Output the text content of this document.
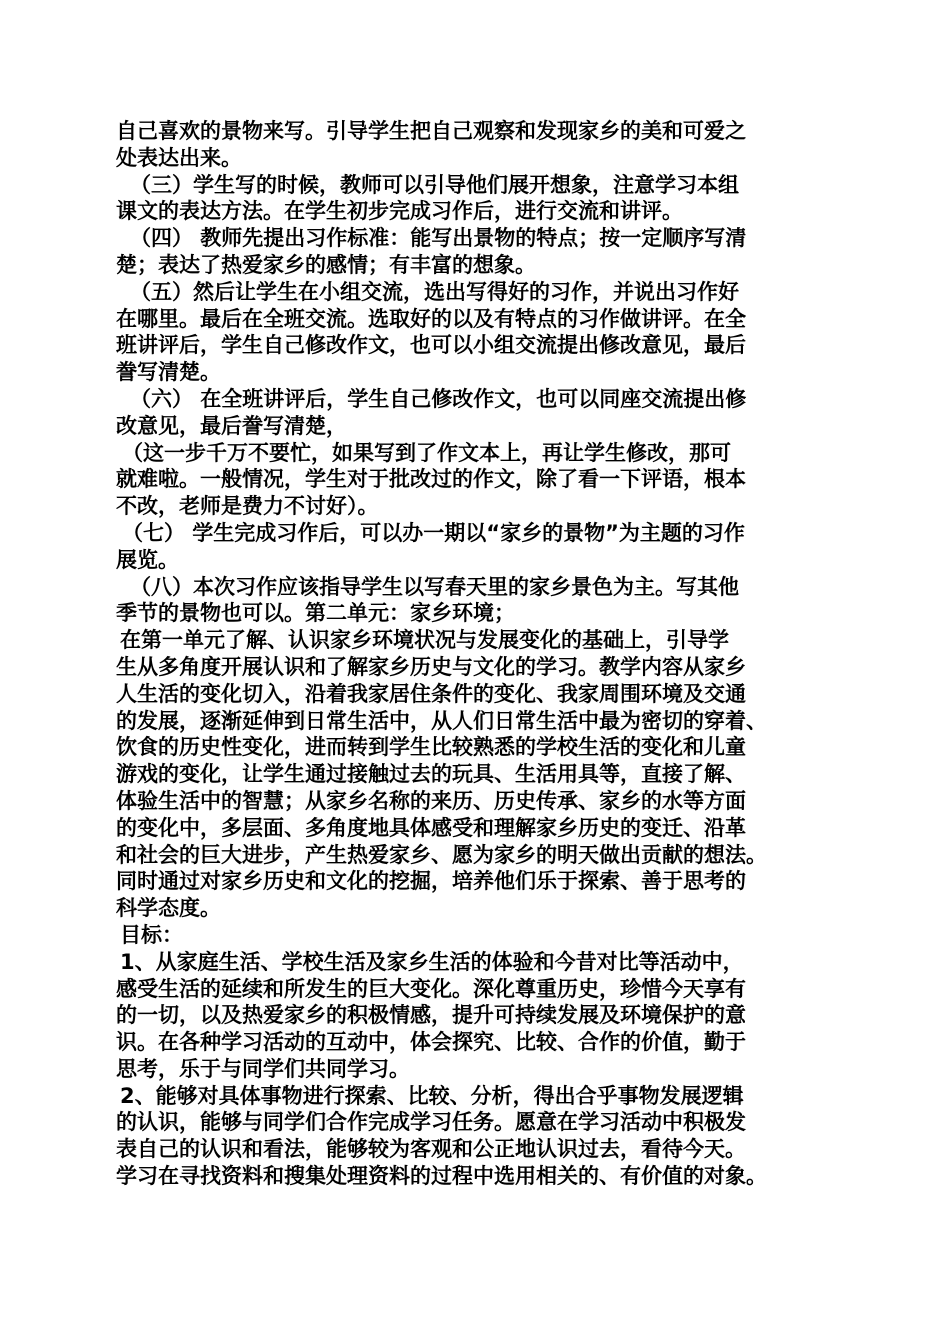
自己喜欢的景物来写。引导学生把自己观察和发现家乡的美和可爱之
处表达出来。
（三）学生写的时候，教师可以引导他们展开想象，注意学习本组
课文的表达方法。在学生初步完成习作后，进行交流和讲评。
（四） 教师先提出习作标准：能写出景物的特点；按一定顺序写清
楚；表达了热爱家乡的感情；有丰富的想象。
（五）然后让学生在小组交流，选出写得好的习作，并说出习作好
在哪里。最后在全班交流。选取好的以及有特点的习作做讲评。在全
班讲评后，学生自己修改作文，也可以小组交流提出修改意见，最后
誊写清楚。
（六） 在全班讲评后，学生自己修改作文，也可以同座交流提出修
改意见，最后誊写清楚，
（这一步千万不要忙，如果写到了作文本上，再让学生修改，那可
就难啦。一般情况，学生对于批改过的作文，除了看一下评语，根本
不改，老师是费力不讨好）。
（七） 学生完成习作后，可以办一期以“家乡的景物”为主题的习作
展览。
（八）本次习作应该指导学生以写春天里的家乡景色为主。写其他
季节的景物也可以。第二单元：家乡环境；
在第一单元了解、认识家乡环境状况与发展变化的基础上，引导学
生从多角度开展认识和了解家乡历史与文化的学习。教学内容从家乡
人生活的变化切入，沿着我家居住条件的变化、我家周围环境及交通
的发展，逐渐延伸到日常生活中，从人们日常生活中最为密切的穿着、
饮食的历史性变化，进而转到学生比较熟悉的学校生活的变化和儿童
游戏的变化，让学生通过接触过去的玩具、生活用具等，直接了解、
体验生活中的智慧；从家乡名称的来历、历史传承、家乡的水等方面
的变化中，多层面、多角度地具体感受和理解家乡历史的变迁、沿革
和社会的巨大进步，产生热爱家乡、愿为家乡的明天做出贡献的想法。
同时通过对家乡历史和文化的挖掘，培养他们乐于探索、善于思考的
科学态度。
目标：
1、从家庭生活、学校生活及家乡生活的体验和今昔对比等活动中，
感受生活的延续和所发生的巨大变化。深化尊重历史，珍惜今天享有
的一切，以及热爱家乡的积极情感，提升可持续发展及环境保护的意
识。在各种学习活动的互动中，体会探究、比较、合作的价值，勤于
思考，乐于与同学们共同学习。
2、能够对具体事物进行探索、比较、分析，得出合乎事物发展逻辑
的认识，能够与同学们合作完成学习任务。愿意在学习活动中积极发
表自己的认识和看法，能够较为客观和公正地认识过去，看待今天。
学习在寻找资料和搜集处理资料的过程中选用相关的、有价值的对象。
